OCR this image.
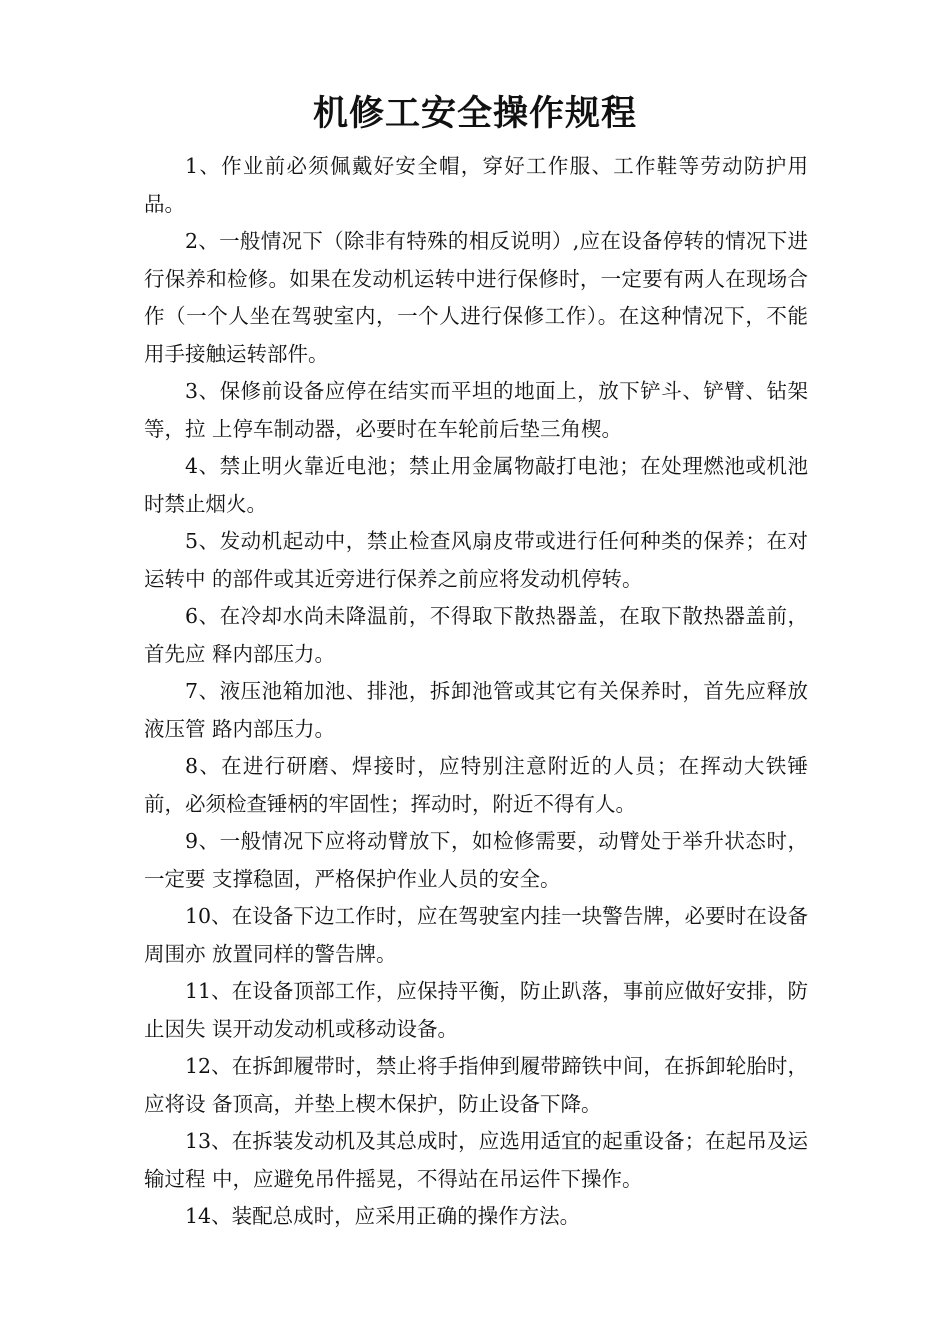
机修工安全操作规程

1、作业前必须佩戴好安全帽，穿好工作服、工作鞋等劳动防护用品。

2、一般情况下（除非有特殊的相反说明）,应在设备停转的情况下进行保养和检修。如果在发动机运转中进行保修时，一定要有两人在现场合作（一个人坐在驾驶室内，一个人进行保修工作）。在这种情况下，不能用手接触运转部件。

3、保修前设备应停在结实而平坦的地面上，放下铲斗、铲臂、钻架等，拉 上停车制动器，必要时在车轮前后垫三角楔。

4、禁止明火靠近电池；禁止用金属物敲打电池；在处理燃池或机池时禁止烟火。

5、发动机起动中，禁止检查风扇皮带或进行任何种类的保养；在对运转中 的部件或其近旁进行保养之前应将发动机停转。

6、在冷却水尚未降温前，不得取下散热器盖，在取下散热器盖前，首先应 释内部压力。

7、液压池箱加池、排池，拆卸池管或其它有关保养时，首先应释放液压管 路内部压力。

8、在进行研磨、焊接时，应特别注意附近的人员；在挥动大铁锤前，必须检查锤柄的牢固性；挥动时，附近不得有人。

9、一般情况下应将动臂放下，如检修需要，动臂处于举升状态时，一定要 支撑稳固，严格保护作业人员的安全。

10、在设备下边工作时，应在驾驶室内挂一块警告牌，必要时在设备周围亦 放置同样的警告牌。

11、在设备顶部工作，应保持平衡，防止趴落，事前应做好安排，防止因失 误开动发动机或移动设备。

12、在拆卸履带时，禁止将手指伸到履带蹄铁中间，在拆卸轮胎时，应将设 备顶高，并垫上楔木保护，防止设备下降。

13、在拆装发动机及其总成时，应选用适宜的起重设备；在起吊及运输过程 中，应避免吊件摇晃，不得站在吊运件下操作。

14、装配总成时，应采用正确的操作方法。
